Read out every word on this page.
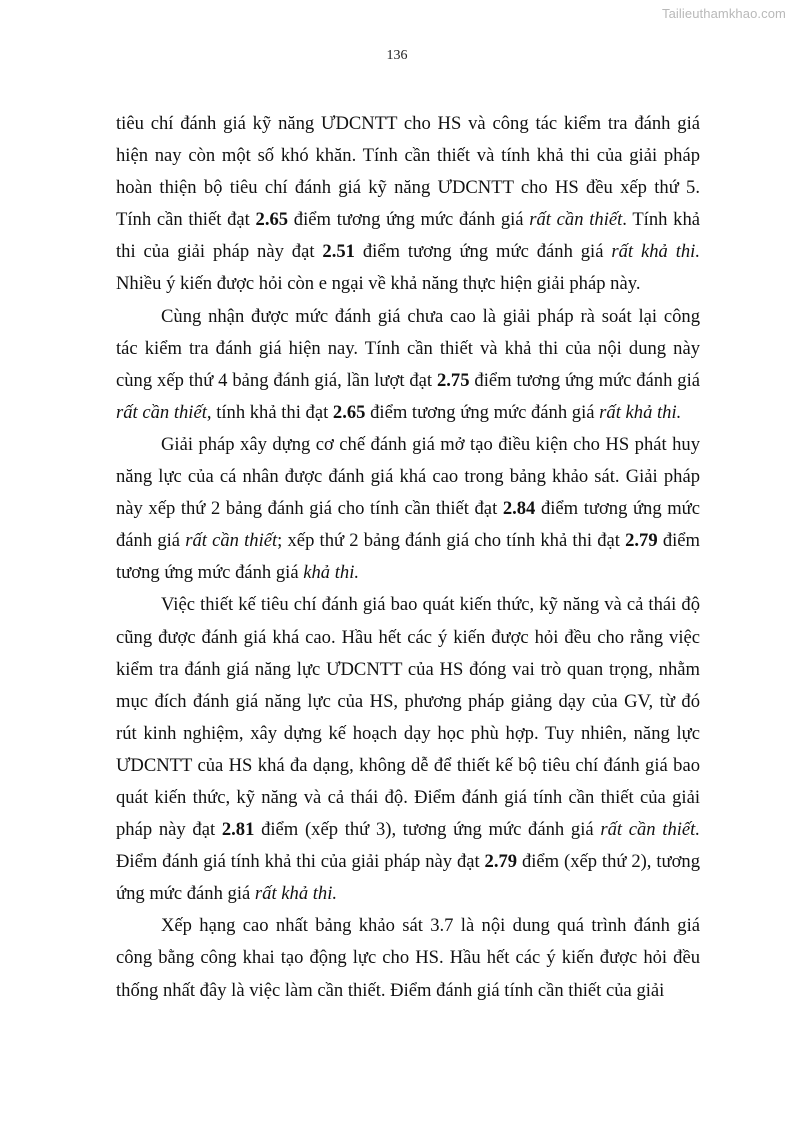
Tailieuthamkhao.com
136
tiêu chí đánh giá kỹ năng ƯDCNTT cho HS và công tác kiểm tra đánh giá
hiện nay còn một số khó khăn. Tính cần thiết và tính khả thi của giải pháp
hoàn thiện bộ tiêu chí đánh giá kỹ năng ƯDCNTT cho HS đều xếp thứ 5.
Tính cần thiết đạt 2.65 điểm tương ứng mức đánh giá rất cần thiết. Tính khả
thi của giải pháp này đạt 2.51 điểm tương ứng mức đánh giá rất khả thi.
Nhiều ý kiến được hỏi còn e ngại về khả năng thực hiện giải pháp này.
Cùng nhận được mức đánh giá chưa cao là giải pháp rà soát lại công
tác kiểm tra đánh giá hiện nay. Tính cần thiết và khả thi của nội dung này
cùng xếp thứ 4 bảng đánh giá, lần lượt đạt 2.75 điểm tương ứng mức đánh giá
rất cần thiết, tính khả thi đạt 2.65 điểm tương ứng mức đánh giá rất khả thi.
Giải pháp xây dựng cơ chế đánh giá mở tạo điều kiện cho HS phát huy
năng lực của cá nhân được đánh giá khá cao trong bảng khảo sát. Giải pháp
này xếp thứ 2 bảng đánh giá cho tính cần thiết đạt 2.84 điểm tương ứng mức
đánh giá rất cần thiết; xếp thứ 2 bảng đánh giá cho tính khả thi đạt 2.79 điểm
tương ứng mức đánh giá khả thi.
Việc thiết kế tiêu chí đánh giá bao quát kiến thức, kỹ năng và cả thái độ
cũng được đánh giá khá cao. Hầu hết các ý kiến được hỏi đều cho rằng việc
kiểm tra đánh giá năng lực ƯDCNTT của HS đóng vai trò quan trọng, nhằm
mục đích đánh giá năng lực của HS, phương pháp giảng dạy của GV, từ đó
rút kinh nghiệm, xây dựng kế hoạch dạy học phù hợp. Tuy nhiên, năng lực
ƯDCNTT của HS khá đa dạng, không dễ để thiết kế bộ tiêu chí đánh giá bao
quát kiến thức, kỹ năng và cả thái độ. Điểm đánh giá tính cần thiết của giải
pháp này đạt 2.81 điểm (xếp thứ 3), tương ứng mức đánh giá rất cần thiết.
Điểm đánh giá tính khả thi của giải pháp này đạt 2.79 điểm (xếp thứ 2), tương
ứng mức đánh giá rất khả thi.
Xếp hạng cao nhất bảng khảo sát 3.7 là nội dung quá trình đánh giá
công bằng công khai tạo động lực cho HS. Hầu hết các ý kiến được hỏi đều
thống nhất đây là việc làm cần thiết. Điểm đánh giá tính cần thiết của giải
